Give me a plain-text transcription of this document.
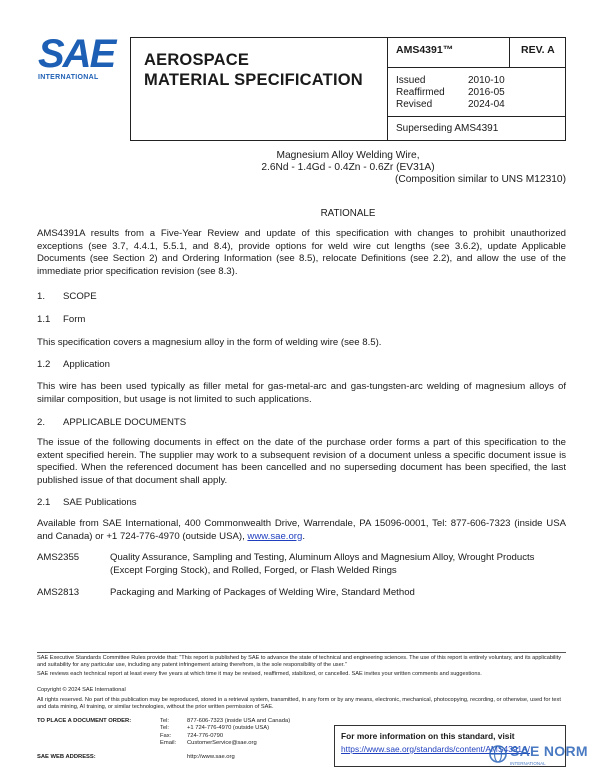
SAE
INTERNATIONAL
AEROSPACE
MATERIAL SPECIFICATION
AMS4391™	REV. A
Issued	2010-10
Reaffirmed 2016-05
Revised	2024-04
Superseding AMS4391
Magnesium Alloy Welding Wire,
2.6Nd - 1.4Gd - 0.4Zn - 0.6Zr (EV31A)
(Composition similar to UNS M12310)
RATIONALE
AMS4391A results from a Five-Year Review and update of this specification with changes to prohibit unauthorized exceptions (see 3.7, 4.4.1, 5.5.1, and 8.4), provide options for weld wire cut lengths (see 3.6.2), update Applicable Documents (see Section 2) and Ordering Information (see 8.5), relocate Definitions (see 2.2), and allow the use of the immediate prior specification revision (see 8.3).
1. SCOPE
1.1 Form
This specification covers a magnesium alloy in the form of welding wire (see 8.5).
1.2 Application
This wire has been used typically as filler metal for gas-metal-arc and gas-tungsten-arc welding of magnesium alloys of similar composition, but usage is not limited to such applications.
2. APPLICABLE DOCUMENTS
The issue of the following documents in effect on the date of the purchase order forms a part of this specification to the extent specified herein. The supplier may work to a subsequent revision of a document unless a specific document issue is specified. When the referenced document has been cancelled and no superseding document has been specified, the last published issue of that document shall apply.
2.1 SAE Publications
Available from SAE International, 400 Commonwealth Drive, Warrendale, PA 15096-0001, Tel: 877-606-7323 (inside USA and Canada) or +1 724-776-4970 (outside USA), www.sae.org.
AMS2355	Quality Assurance, Sampling and Testing, Aluminum Alloys and Magnesium Alloy, Wrought Products (Except Forging Stock), and Rolled, Forged, or Flash Welded Rings
AMS2813	Packaging and Marking of Packages of Welding Wire, Standard Method
SAE Executive Standards Committee Rules provide that: “This report is published by SAE to advance the state of technical and engineering sciences. The use of this report is entirely voluntary, and its applicability and suitability for any particular use, including any patent infringement arising therefrom, is the sole responsibility of the user.”
SAE reviews each technical report at least every five years at which time it may be revised, reaffirmed, stabilized, or cancelled. SAE invites your written comments and suggestions.
Copyright © 2024 SAE International
All rights reserved. No part of this publication may be reproduced, stored in a retrieval system, transmitted, in any form or by any means, electronic, mechanical, photocopying, recording, or otherwise, used for text and data mining, AI training, or similar technologies, without the prior written permission of SAE.
TO PLACE A DOCUMENT ORDER:	Tel:	877-606-7323 (inside USA and Canada)
Tel:	+1 724-776-4970 (outside USA)
Fax:	724-776-0790
Email: CustomerService@sae.org
SAE WEB ADDRESS:	http://www.sae.org
For more information on this standard, visit
https://www.sae.org/standards/content/AMS4391A/
SAE NORM
INTERNATIONAL
